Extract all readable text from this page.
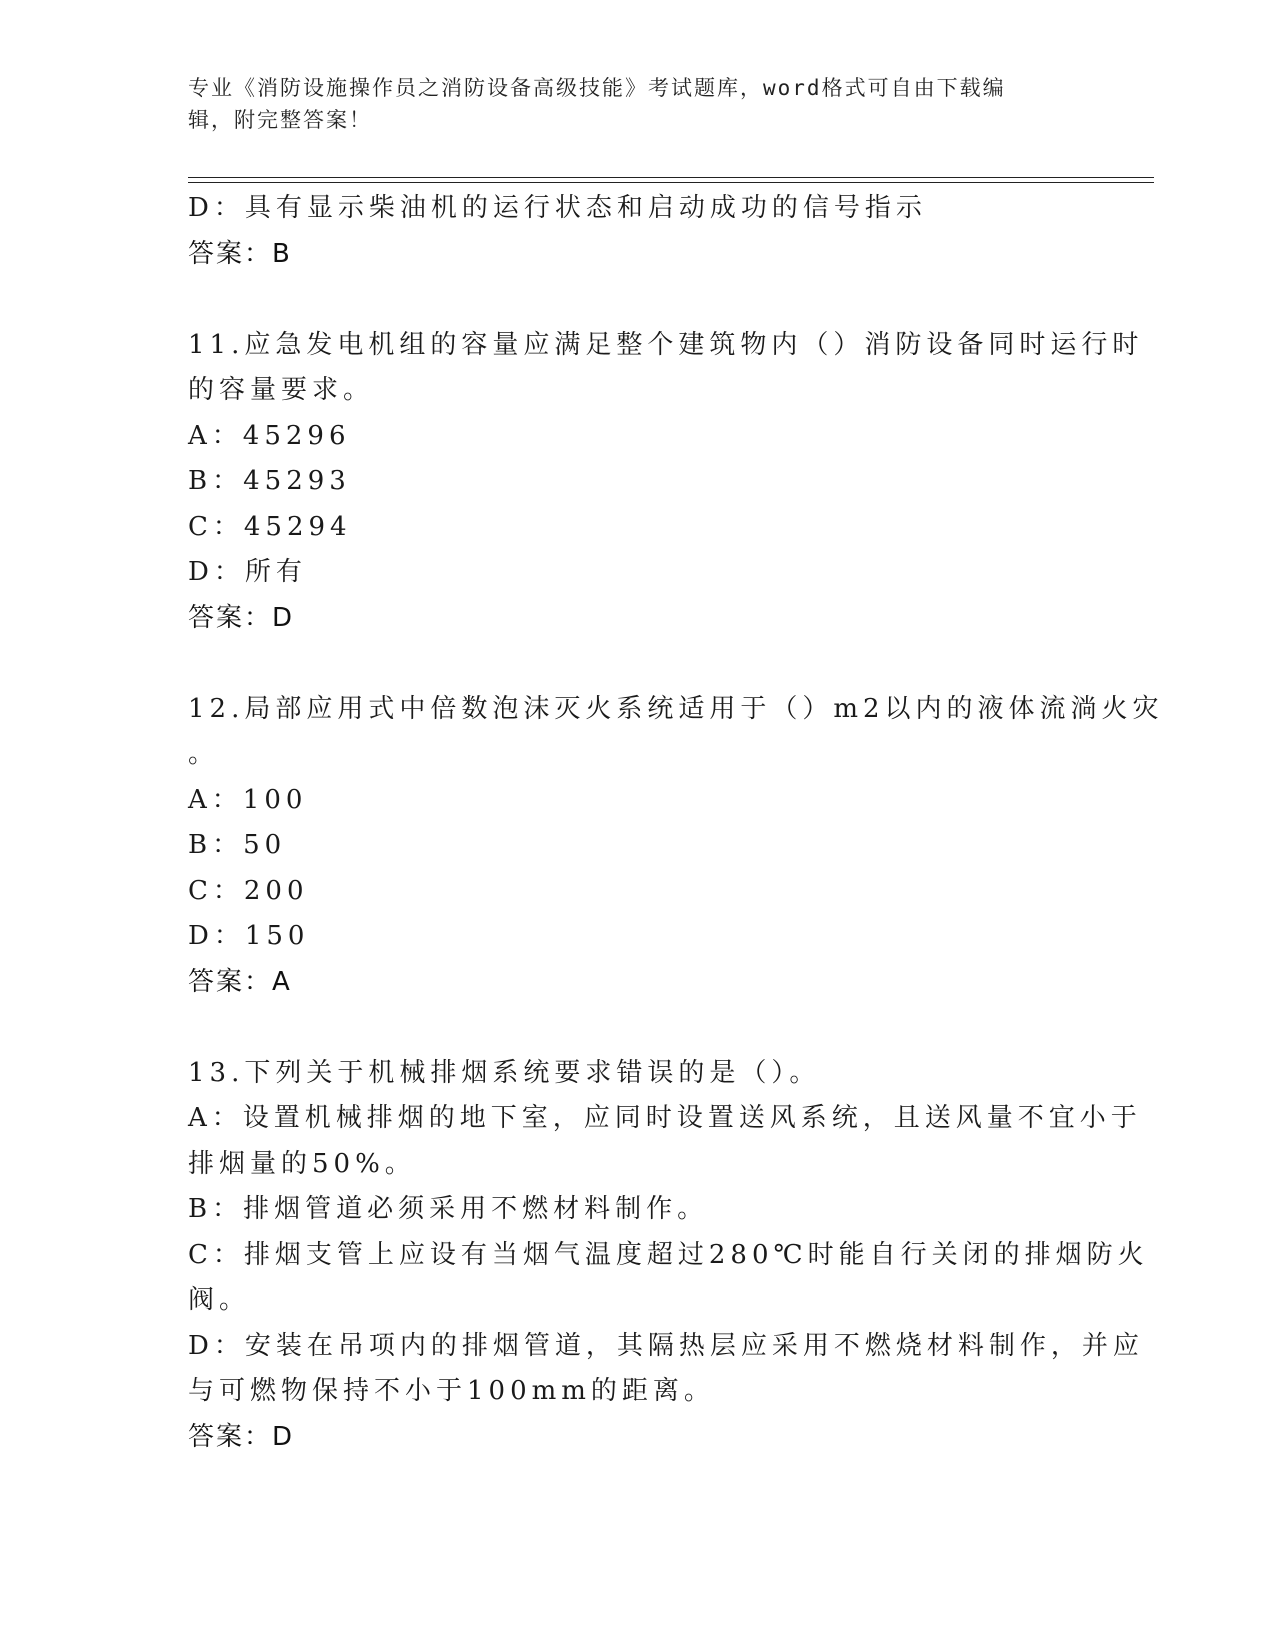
专业《消防设施操作员之消防设备高级技能》考试题库，word格式可自由下载编
辑，附完整答案！
D：具有显示柴油机的运行状态和启动成功的信号指示
答案：B
11.应急发电机组的容量应满足整个建筑物内（）消防设备同时运行时
的容量要求。
A：45296
B：45293
C：45294
D：所有
答案：D
12.局部应用式中倍数泡沫灭火系统适用于（）m2以内的液体流淌火灾
。
A：100
B：50
C：200
D：150
答案：A
13.下列关于机械排烟系统要求错误的是（）。
A：设置机械排烟的地下室，应同时设置送风系统，且送风量不宜小于
排烟量的50%。
B：排烟管道必须采用不燃材料制作。
C：排烟支管上应设有当烟气温度超过280℃时能自行关闭的排烟防火
阀。
D：安装在吊项内的排烟管道，其隔热层应采用不燃烧材料制作，并应
与可燃物保持不小于100mm的距离。
答案：D
